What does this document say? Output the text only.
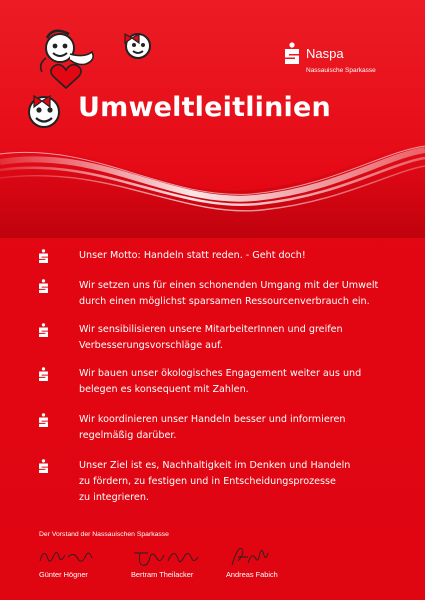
Naspa
Nassauische Sparkasse
Umweltleitlinien
Unser Motto: Handeln statt reden. - Geht doch!
Wir setzen uns für einen schonenden Umgang mit der Umwelt
durch einen möglichst sparsamen Ressourcenverbrauch ein.
Wir sensibilisieren unsere MitarbeiterInnen und greifen
Verbesserungsvorschläge auf.
Wir bauen unser ökologisches Engagement weiter aus und
belegen es konsequent mit Zahlen.
Wir koordinieren unser Handeln besser und informieren
regelmäßig darüber.
Unser Ziel ist es, Nachhaltigkeit im Denken und Handeln
zu fördern, zu festigen und in Entscheidungsprozesse
zu integrieren.
Der Vorstand der Nassauischen Sparkasse
Günter Högner	Bertram Theilacker	Andreas Fabich
